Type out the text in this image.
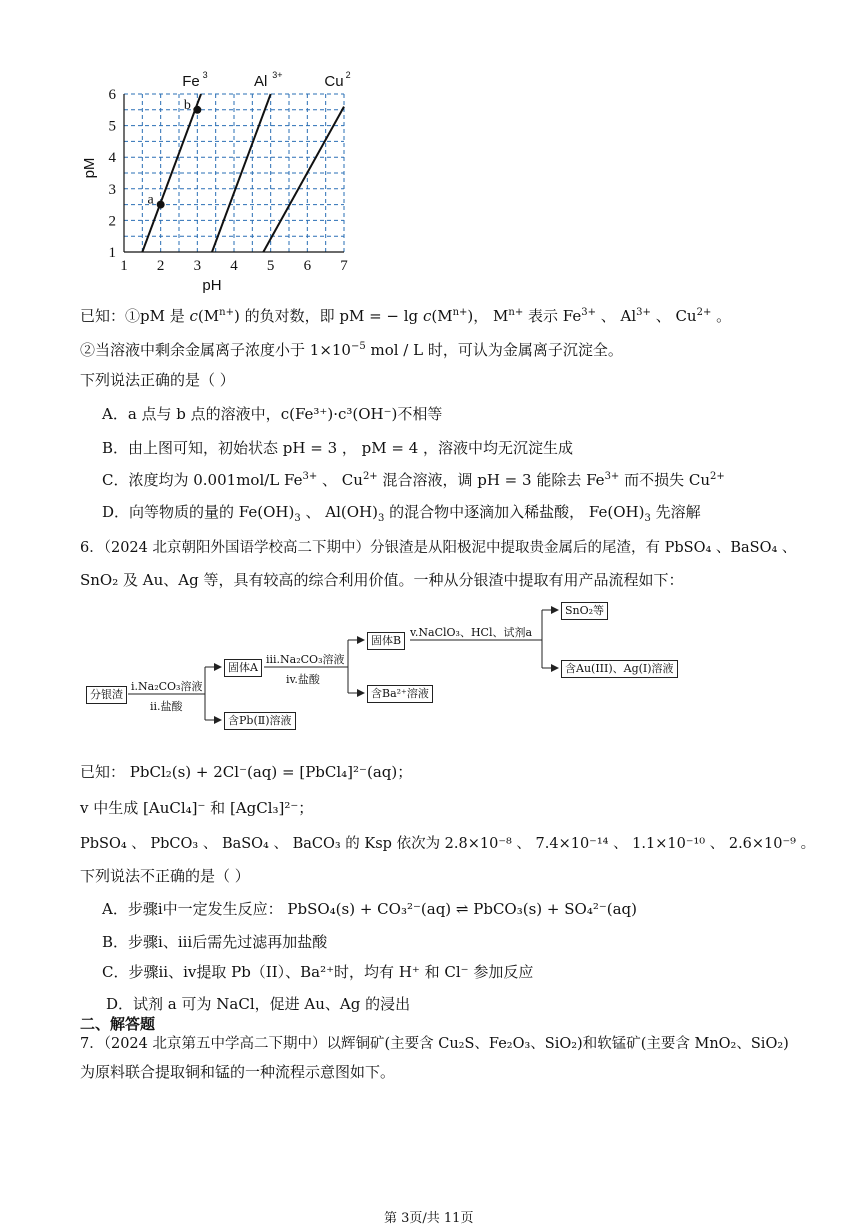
1 2 3 4 5 6 7
1
2
3
4
5
6
pH
pM
Fe 3	Al 3+	Cu 2
a
b
已知：①pM 是 $c(M^{n+})$ 的负对数，即 pM = − $\lg c(M^{n+})$， $M^{n+}$ 表示 $Fe^{3+}$ 、 $Al^{3+}$ 、 $Cu^{2+}$ 。
②当溶液中剩余金属离子浓度小于 $1\times 10^{-5}$ mol / L 时，可认为金属离子沉淀全。
下列说法正确的是（ ）
A．a 点与 b 点的溶液中，c(Fe³⁺)·c³(OH⁻)不相等
B．由上图可知，初始状态 pH = 3 ， pM = 4 ，溶液中均无沉淀生成
C．浓度均为 0.001mol/L $Fe^{3+}$ 、 $Cu^{2+}$ 混合溶液，调 pH = 3 能除去 $Fe^{3+}$ 而不损失 $Cu^{2+}$
D．向等物质的量的 $Fe(OH)_3$ 、 $Al(OH)_3$ 的混合物中逐滴加入稀盐酸， $Fe(OH)_3$ 先溶解
6．（2024 北京朝阳外国语学校高二下期中）分银渣是从阳极泥中提取贵金属后的尾渣，有 PbSO₄ 、BaSO₄ 、
SnO₂ 及 Au、Ag 等，具有较高的综合利用价值。一种从分银渣中提取有用产品流程如下：
分银渣
i.Na₂CO₃溶液
ii.盐酸
固体A
含Pb(Ⅱ)溶液
iii.Na₂CO₃溶液
iv.盐酸
固体B
含Ba²⁺溶液
v.NaClO₃、HCl、试剂a
SnO₂等
含Au(III)、Ag(I)溶液
已知： PbCl₂(s) + 2Cl⁻(aq) = [PbCl₄]²⁻(aq)；
v 中生成 [AuCl₄]⁻ 和 [AgCl₃]²⁻；
PbSO₄ 、 PbCO₃ 、 BaSO₄ 、 BaCO₃ 的 Ksp 依次为 2.8×10⁻⁸ 、 7.4×10⁻¹⁴ 、 1.1×10⁻¹⁰ 、 2.6×10⁻⁹ 。
下列说法不正确的是（ ）
A．步骤i中一定发生反应： PbSO₄(s) + CO₃²⁻(aq) ⇌ PbCO₃(s) + SO₄²⁻(aq)
B．步骤i、iii后需先过滤再加盐酸
C．步骤ii、iv提取 Pb（II）、Ba²⁺时，均有 H⁺ 和 Cl⁻ 参加反应
D．试剂 a 可为 NaCl，促进 Au、Ag 的浸出
二、解答题
7．（2024 北京第五中学高二下期中）以辉铜矿(主要含 Cu₂S、Fe₂O₃、SiO₂)和软锰矿(主要含 MnO₂、SiO₂)
为原料联合提取铜和锰的一种流程示意图如下。
第 3页/共 11页
